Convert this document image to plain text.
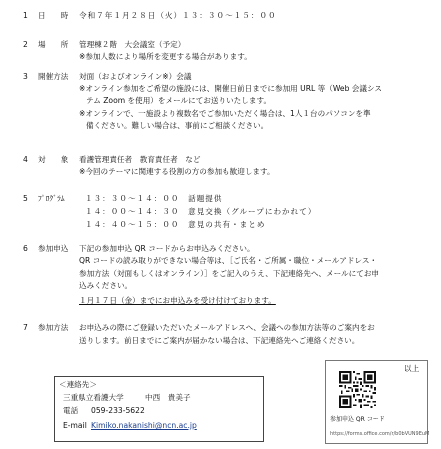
1 日　　時 令和７年１月２８日（火）１３：３０～１５：００
2 場　　所 管理棟２階　大会議室（予定）
※参加人数により場所を変更する場合があります。
3 開催方法 対面（およびオンライン※）会議
※オンライン参加をご希望の施設には、開催日前日までに参加用 URL 等（Web 会議シス
テム Zoom を使用）をメールにてお送りいたします。
※オンラインで、一施設より複数名でご参加いただく場合は、1人１台のパソコンを準
備ください。難しい場合は、事前にご相談ください。
4 対　　象 看護管理責任者　教育責任者　など
※今回のテーマに関連する役割の方の参加も歓迎します。
5 ﾌﾟﾛｸﾞﾗﾑ	１３：３０～１４：００　話題提供
１４：００～１４：３０　意見交換（グループにわかれて）
１４：４０～１５：００　意見の共有・まとめ
6 参加申込 下記の参加申込 QR コードからお申込みください。
QR コードの読み取りができない場合等は、［ご氏名・ご所属・職位・メールアドレス・
参加方法（対面もしくはオンライン）］をご記入のうえ、下記連絡先へ、メールにてお申
込みください。
１月１７日（金）までにお申込みを受け付けております。
7 参加方法 お申込みの際にご登録いただいたメールアドレスへ、会議への参加方法等のご案内をお
送りします。前日までにご案内が届かない場合は、下記連絡先へご連絡ください。
以上
＜連絡先＞
三重県立看護大学	中西　貴美子
電話 059-233-5622
E-mail Kimiko.nakanishi@ncn.ac.jp
参加申込 QR コード
https://forms.office.com/r/b0bVUN9EuM
